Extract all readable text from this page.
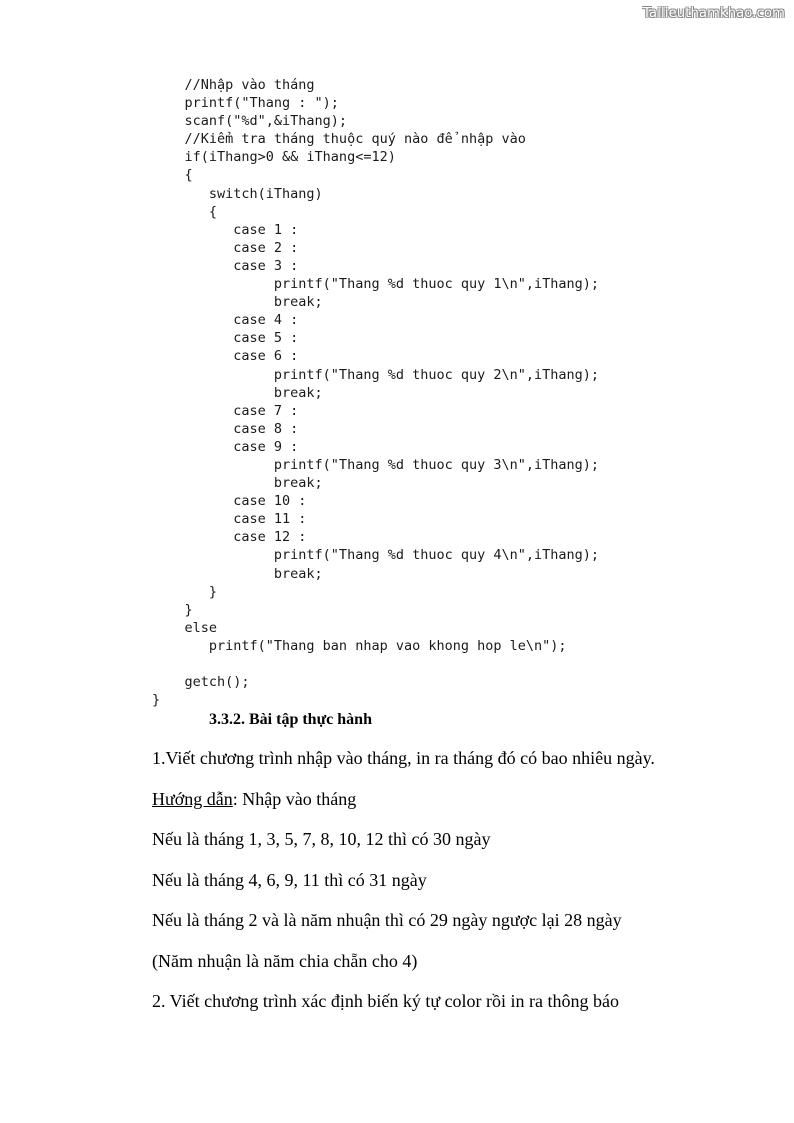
Tailieuthamkhao.com
//Nhập vào tháng
printf("Thang : ");
scanf("%d",&iThang);
//Kiểm tra tháng thuộc quý nào để nhập vào
if(iThang>0 && iThang<=12)
{
switch(iThang)
{
case 1 :
case 2 :
case 3 :
printf("Thang %d thuoc quy 1\n",iThang);
break;
case 4 :
case 5 :
case 6 :
printf("Thang %d thuoc quy 2\n",iThang);
break;
case 7 :
case 8 :
case 9 :
printf("Thang %d thuoc quy 3\n",iThang);
break;
case 10 :
case 11 :
case 12 :
printf("Thang %d thuoc quy 4\n",iThang);
break;
}
}
else
printf("Thang ban nhap vao khong hop le\n");
getch();
}
3.3.2. Bài tập thực hành
1.Viết chương trình nhập vào tháng, in ra tháng đó có bao nhiêu ngày.
Hướng dẫn: Nhập vào tháng
Nếu là tháng 1, 3, 5, 7, 8, 10, 12 thì có 30 ngày
Nếu là tháng 4, 6, 9, 11 thì có 31 ngày
Nếu là tháng 2 và là năm nhuận thì có 29 ngày ngược lại 28 ngày
(Năm nhuận là năm chia chẵn cho 4)
2. Viết chương trình xác định biến ký tự color rồi in ra thông báo
